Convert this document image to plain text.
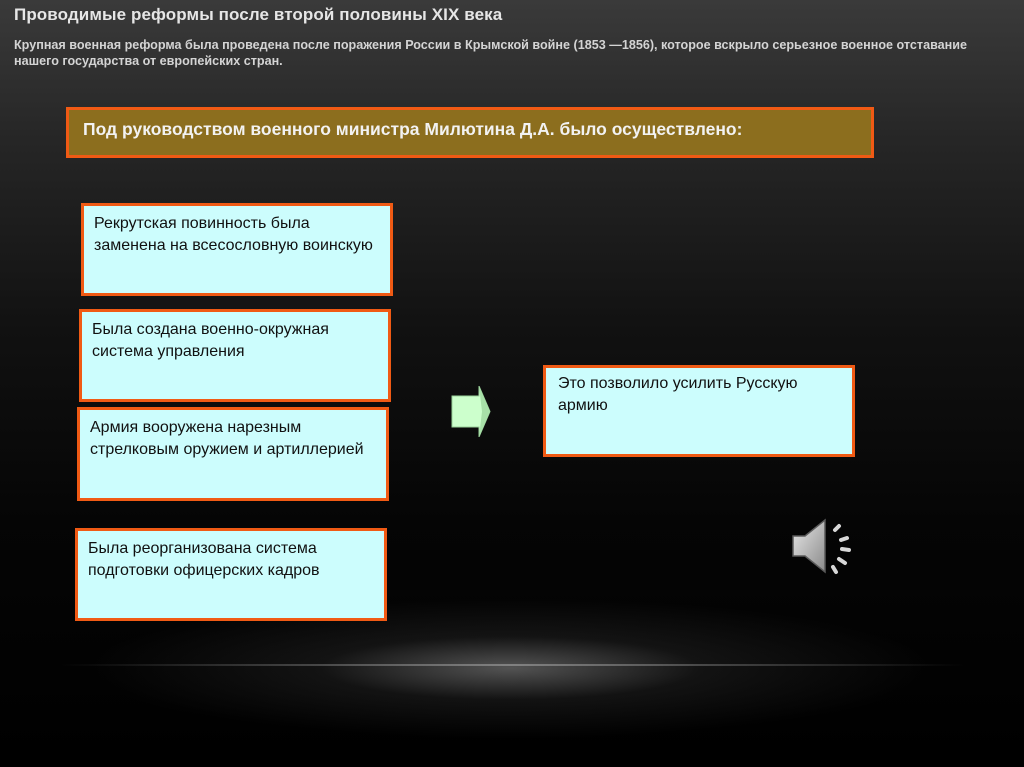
Проводимые реформы после второй половины XIX века

Крупная военная реформа была проведена после поражения России в Крымской войне (1853 —1856), которое вскрыло серьезное военное отставание нашего государства от европейских стран.

Под руководством военного министра Милютина Д.А. было осуществлено:
Рекрутская повинность была заменена на всесословную воинскую
Была создана военно-окружная система управления
Армия вооружена нарезным стрелковым оружием и артиллерией
Была реорганизована система подготовки офицерских кадров
Это позволило усилить Русскую армию
